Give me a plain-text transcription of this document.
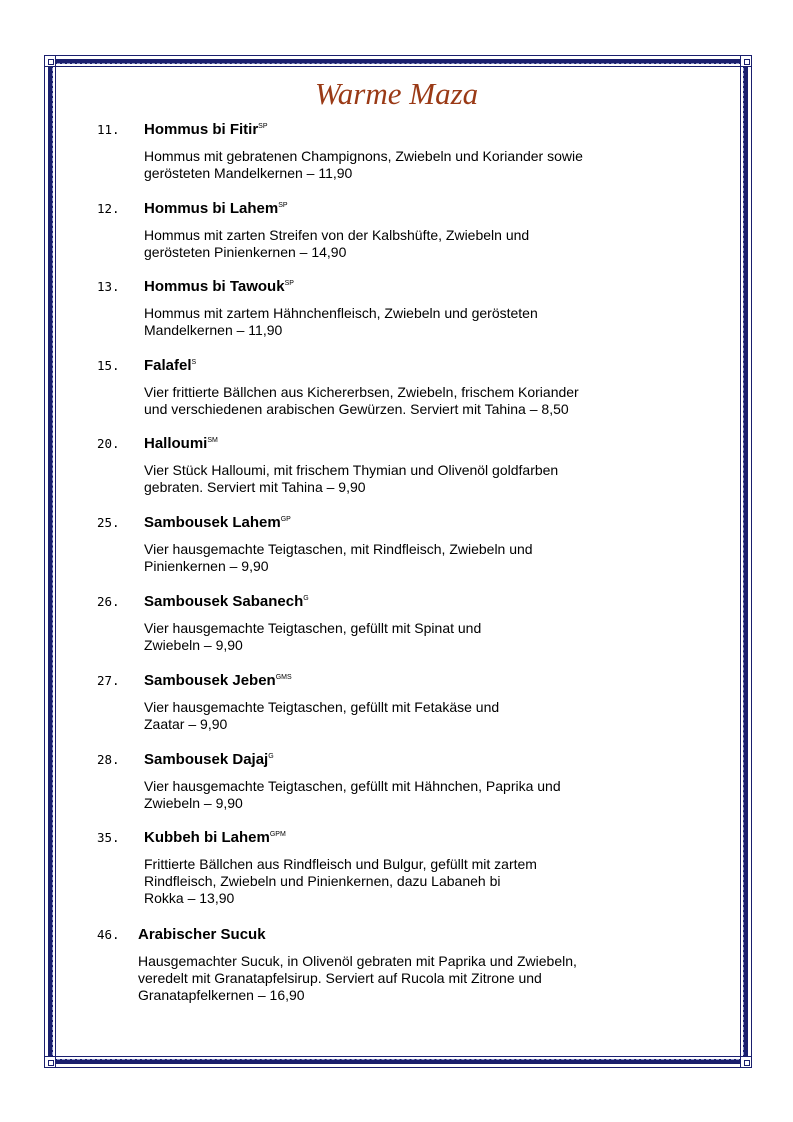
Warme Maza
11. Hommus bi Fitir$^{SP}$
Hommus mit gebratenen Champignons, Zwiebeln und Koriander sowie
gerösteten Mandelkernen – 11,90
12. Hommus bi Lahem$^{SP}$
Hommus mit zarten Streifen von der Kalbshüfte, Zwiebeln und
gerösteten Pinienkernen – 14,90
13. Hommus bi Tawouk$^{SP}$
Hommus mit zartem Hähnchenfleisch, Zwiebeln und gerösteten
Mandelkernen – 11,90
15. Falafel$^S$
Vier frittierte Bällchen aus Kichererbsen, Zwiebeln, frischem Koriander
und verschiedenen arabischen Gewürzen. Serviert mit Tahina – 8,50
20. Halloumi℠
Vier Stück Halloumi, mit frischem Thymian und Olivenöl goldfarben
gebraten. Serviert mit Tahina – 9,90
25. Sambousek Lahem$^{GP}$
Vier hausgemachte Teigtaschen, mit Rindfleisch, Zwiebeln und
Pinienkernen – 9,90
26. Sambousek Sabanech$^G$
Vier hausgemachte Teigtaschen, gefüllt mit Spinat und
Zwiebeln – 9,90
27. Sambousek Jeben$^{GMS}$
Vier hausgemachte Teigtaschen, gefüllt mit Fetakäse und
Zaatar – 9,90
28. Sambousek Dajaj$^G$
Vier hausgemachte Teigtaschen, gefüllt mit Hähnchen, Paprika und
Zwiebeln – 9,90
35. Kubbeh bi Lahem$^{GPM}$
Frittierte Bällchen aus Rindfleisch und Bulgur, gefüllt mit zartem
Rindfleisch, Zwiebeln und Pinienkernen, dazu Labaneh bi
Rokka – 13,90
46. Arabischer Sucuk
Hausgemachter Sucuk, in Olivenöl gebraten mit Paprika und Zwiebeln,
veredelt mit Granatapfelsirup. Serviert auf Rucola mit Zitrone und
Granatapfelkernen – 16,90
